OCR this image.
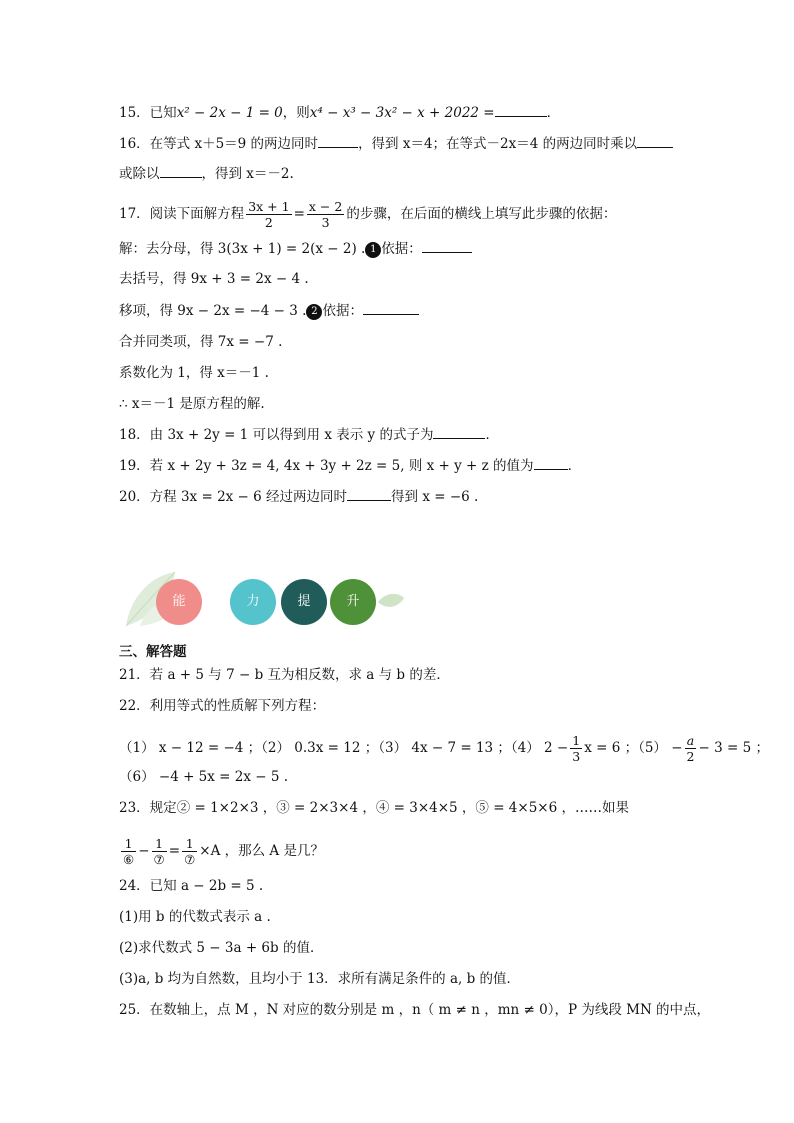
15．已知x² − 2x − 1 = 0，则x⁴ − x³ − 3x² − x + 2022 =	．
16．在等式 x＋5＝9 的两边同时	，得到 x＝4；在等式－2x＝4 的两边同时乘以
或除以	，得到 x＝－2.
17．阅读下面解方程 $\frac{3x + 1}{2} = \frac{x - 2}{3}$ 的步骤，在后面的横线上填写此步骤的依据：
解：去分母，得 3(3x + 1) = 2(x − 2) . 1 依据：
去括号，得 9x + 3 = 2x − 4 .
移项，得 9x − 2x = −4 − 3 . 2 依据：
合并同类项，得 7x = −7 .
系数化为 1，得 x＝－1 .
∴ x＝－1 是原方程的解.
18．由 3x + 2y = 1 可以得到用 x 表示 y 的式子为	．
19．若 x + 2y + 3z = 4, 4x + 3y + 2z = 5, 则 x + y + z 的值为	．
20．方程 3x = 2x − 6 经过两边同时	得到 x = −6 .
能	力	提	升
三、解答题
21．若 a + 5 与 7 − b 互为相反数，求 a 与 b 的差．
22．利用等式的性质解下列方程：
（1） x − 12 = −4 ；（2） 0.3x = 12 ；（3） 4x − 7 = 13 ；（4） $2 - \frac{1}{3}$ x = 6 ；$(5) - \frac{a}{2} - 3 = 5$ ；
（6） −4 + 5x = 2x − 5 .
23．规定② = 1×2×3 ，③ = 2×3×4 ，④ = 3×4×5 ，⑤ = 4×5×6 ，……如果
$\frac{1}{\text{⑥}} - \frac{1}{\text{⑦}} = \frac{1}{\text{⑦}} \times A$ ，那么 A 是几？
24．已知 a − 2b = 5 .
(1)用 b 的代数式表示 a .
(2)求代数式 5 − 3a + 6b 的值．
(3)a, b 均为自然数，且均小于 13．求所有满足条件的 a, b 的值．
25．在数轴上，点 M ，N 对应的数分别是 m ，n（ m ≠ n ，mn ≠ 0），P 为线段 MN 的中点，
